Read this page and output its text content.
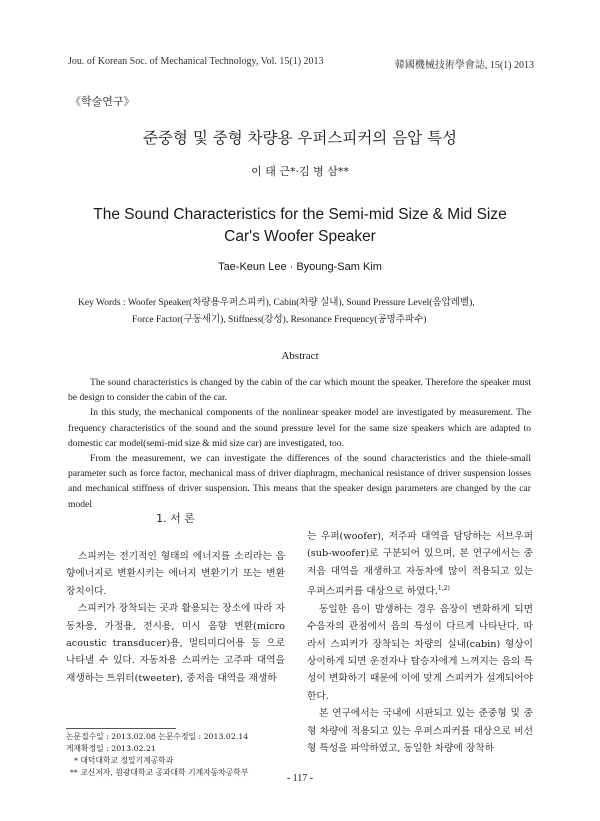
Jou. of Korean Soc. of Mechanical Technology, Vol. 15(1) 2013	韓國機械技術學會誌, 15(1) 2013
《학술연구》
준중형 및 중형 차량용 우퍼스피커의 음압 특성
이 태 근*·김 병 삼**
The Sound Characteristics for the Semi-mid Size & Mid Size
Car's Woofer Speaker
Tae-Keun Lee · Byoung-Sam Kim
Key Words : Woofer Speaker(차량용우퍼스피커), Cabin(차량 실내), Sound Pressure Level(음압레벨),
Force Factor(구동세기), Stiffness(강성), Resonance Frequency(공명주파수)
Abstract

The sound characteristics is changed by the cabin of the car which mount the speaker. Therefore the speaker must be design to consider the cabin of the car.

In this study, the mechanical components of the nonlinear speaker model are investigated by measurement. The frequency characteristics of the sound and the sound pressure level for the same size speakers which are adapted to domestic car model(semi-mid size & mid size car) are investigated, too.

From the measurement, we can investigate the differences of the sound characteristics and the thiele-small parameter such as force factor, mechanical mass of driver diaphragm, mechanical resistance of driver suspension losses and mechanical stiffness of driver suspension. This means that the speaker design parameters are changed by the car model

1. 서 론

스피커는 전기적인 형태의 에너지를 소리라는 음향에너지로 변환시키는 에너지 변환기기 또는 변환장치이다.

스피커가 장착되는 곳과 활용되는 장소에 따라 자동차용, 가정용, 전시용, 미시 음향 변환(micro acoustic transducer)용, 멀티미디어용 등 으로 나타낼 수 있다. 자동차용 스피커는 고주파 대역을 재생하는 트위터(tweeter), 중저음 대역을 재생하

는 우퍼(woofer), 저주파 대역을 담당하는 서브우퍼(sub-woofer)로 구분되어 있으며, 본 연구에서는 중저음 대역을 재생하고 자동차에 많이 적용되고 있는 우퍼스피커를 대상으로 하였다.$^{1,2)}$

동일한 음이 발생하는 경우 음장이 변화하게 되면 수음자의 관점에서 음의 특성이 다르게 나타난다. 따라서 스피커가 장착되는 차량의 실내(cabin) 형상이 상이하게 되면 운전자나 탑승자에게 느껴지는 음의 특성이 변화하기 때문에 이에 맞게 스피커가 설계되어야 한다.

본 연구에서는 국내에 시판되고 있는 준중형 및 중형 차량에 적용되고 있는 우퍼스피커를 대상으로 비선형 특성을 파악하였고, 동일한 차량에 장착하

논문접수일 : 2013.02.08 논문수정일 : 2013.02.14
게재확정일 : 2013.02.21
* 대덕대학교 정밀기계공학과
** 교신저자, 원광대학교 공과대학 기계자동차공학부
- 117 -
